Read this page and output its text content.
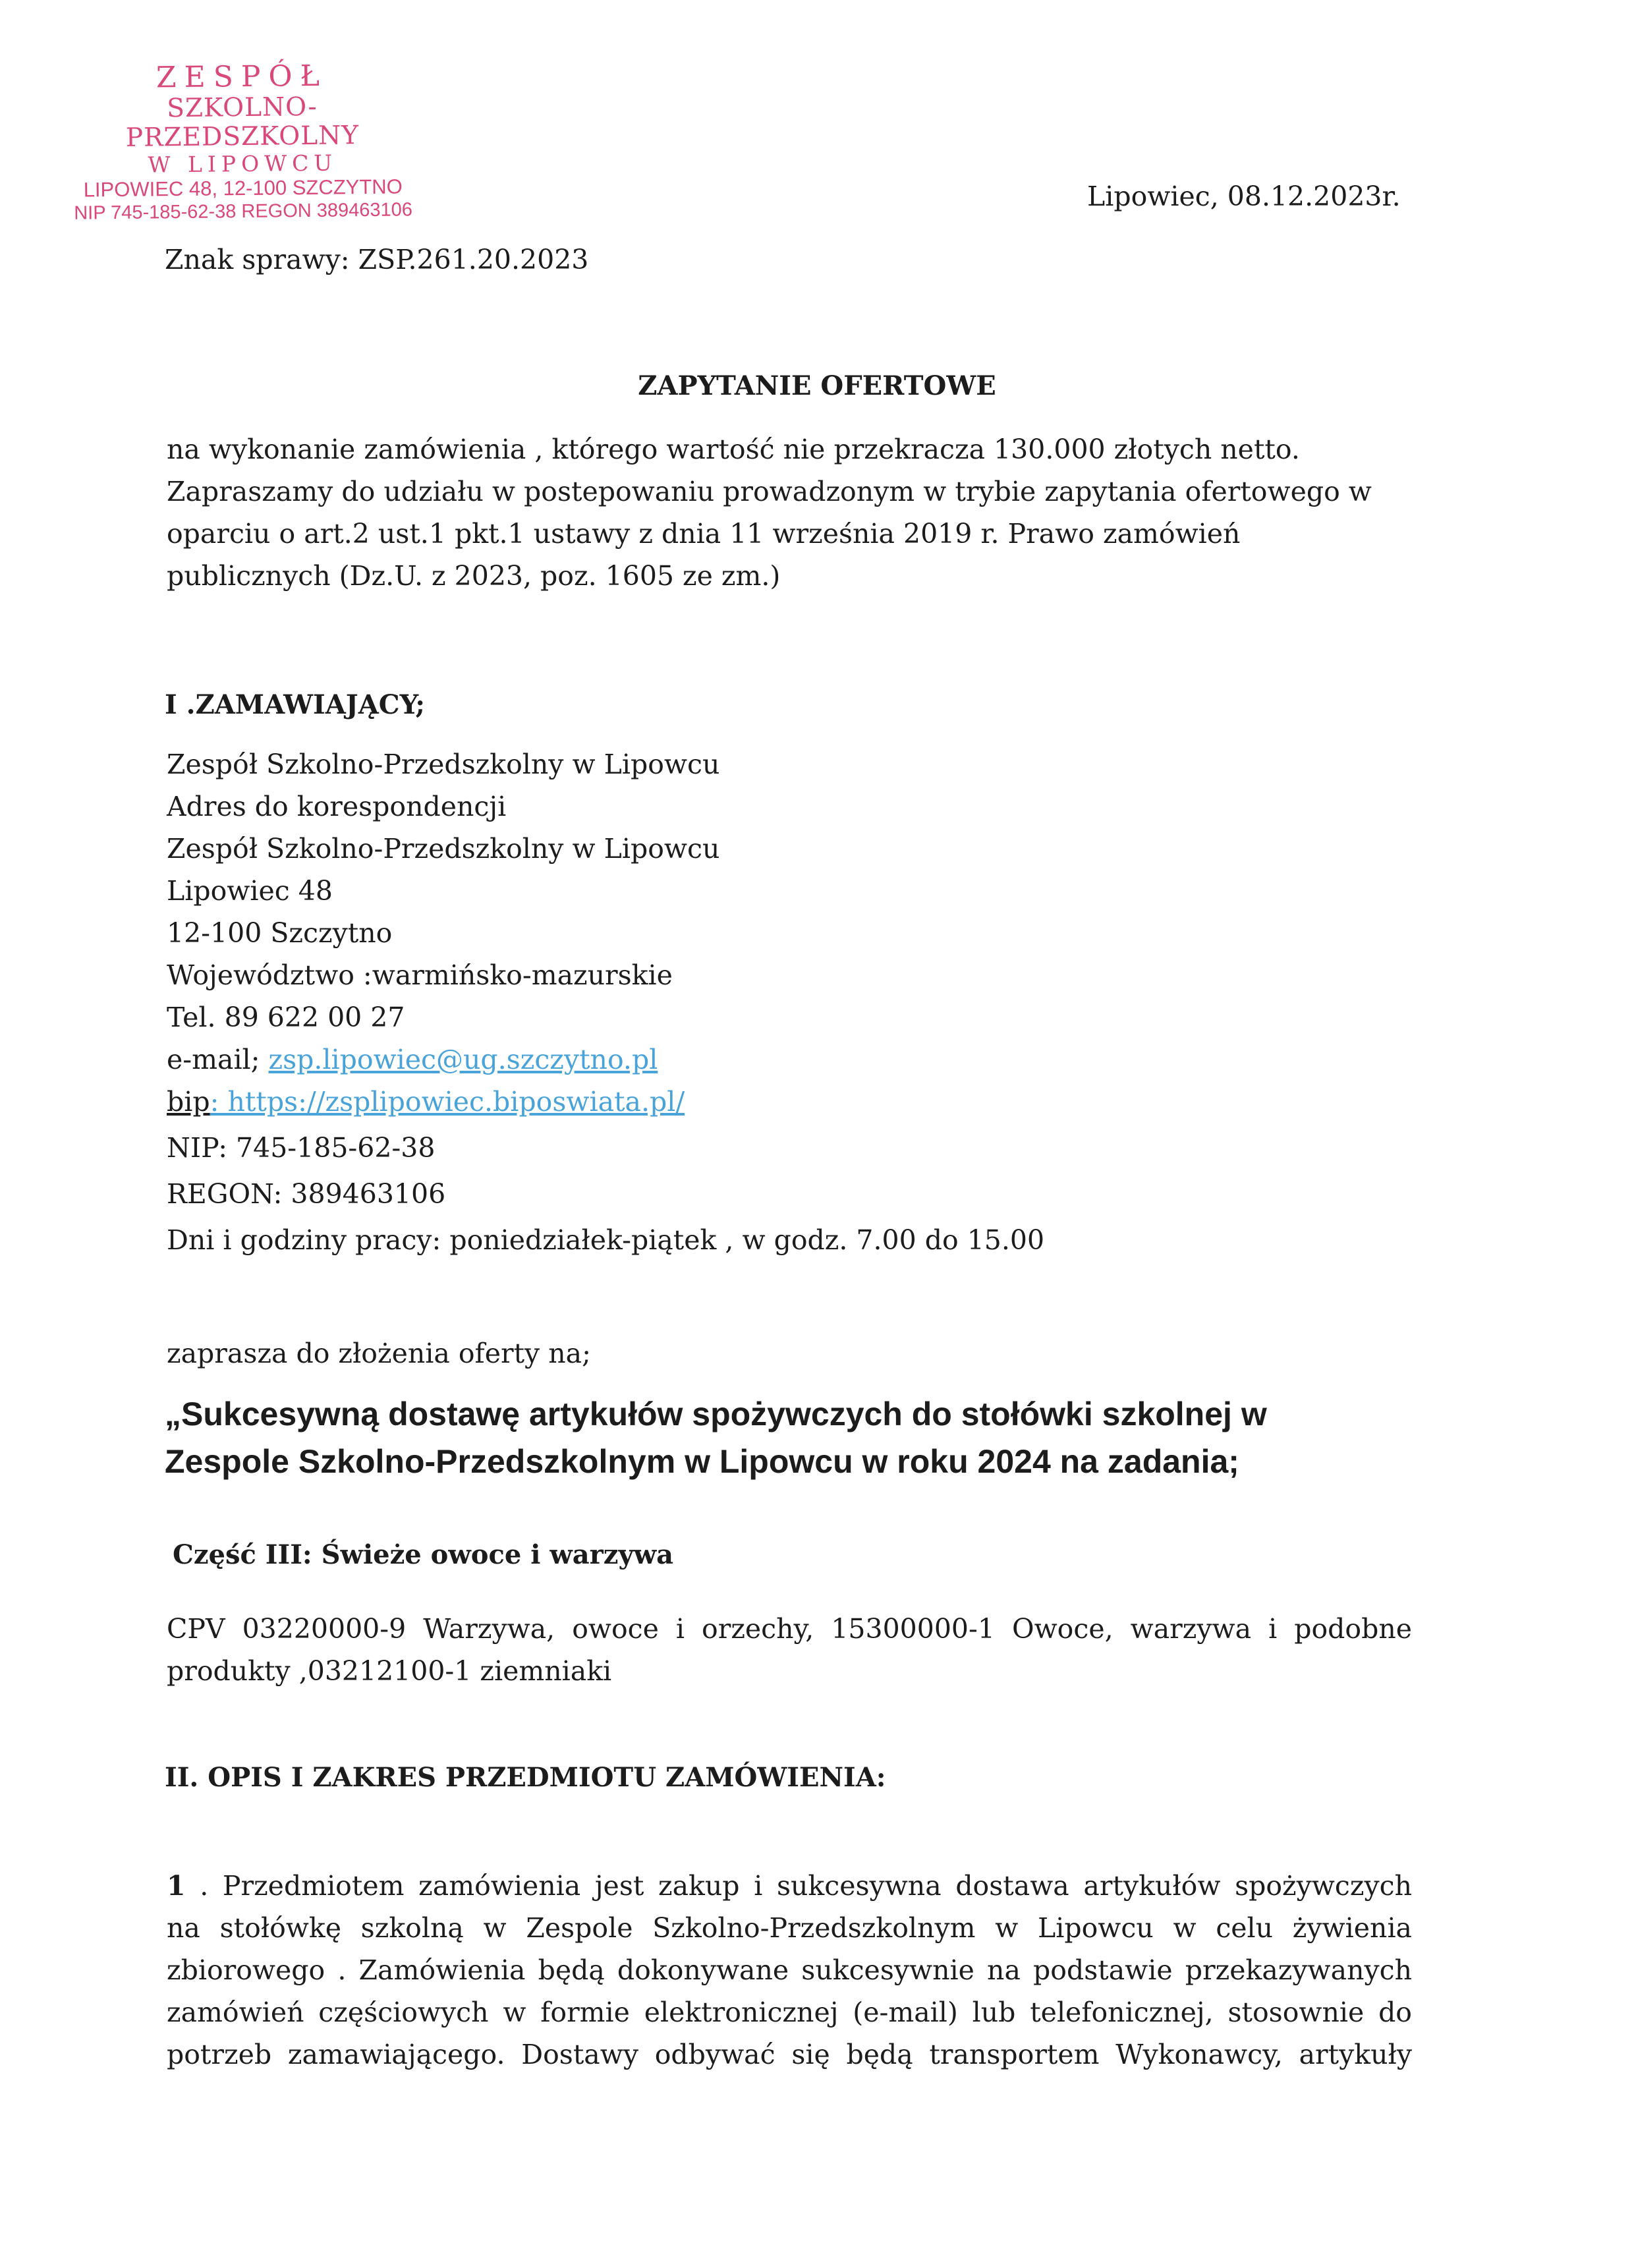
ZESPÓŁ
SZKOLNO-PRZEDSZKOLNY
W LIPOWCU
LIPOWIEC 48, 12-100 SZCZYTNO
NIP 745-185-62-38 REGON 389463106	Lipowiec, 08.12.2023r.
Znak sprawy: ZSP.261.20.2023
ZAPYTANIE OFERTOWE
na wykonanie zamówienia , którego wartość nie przekracza 130.000 złotych netto.
Zapraszamy do udziału w postepowaniu prowadzonym w trybie zapytania ofertowego w
oparciu o art.2 ust.1 pkt.1 ustawy z dnia 11 września 2019 r. Prawo zamówień
publicznych (Dz.U. z 2023, poz. 1605 ze zm.)
I .ZAMAWIAJĄCY;
Zespół Szkolno-Przedszkolny w Lipowcu
Adres do korespondencji
Zespół Szkolno-Przedszkolny w Lipowcu
Lipowiec 48
12-100 Szczytno
Województwo :warmińsko-mazurskie
Tel. 89 622 00 27
e-mail; zsp.lipowiec@ug.szczytno.pl
bip: https://zsplipowiec.biposwiata.pl/
NIP: 745-185-62-38
REGON: 389463106
Dni i godziny pracy: poniedziałek-piątek , w godz. 7.00 do 15.00
zaprasza do złożenia oferty na;
„Sukcesywną dostawę artykułów spożywczych do stołówki szkolnej w
Zespole Szkolno-Przedszkolnym w Lipowcu w roku 2024 na zadania;
Część III: Świeże owoce i warzywa
CPV 03220000-9 Warzywa, owoce i orzechy, 15300000-1 Owoce, warzywa i podobne
produkty ,03212100-1 ziemniaki
II. OPIS I ZAKRES PRZEDMIOTU ZAMÓWIENIA:
1 . Przedmiotem zamówienia jest zakup i sukcesywna dostawa artykułów spożywczych
na stołówkę szkolną w Zespole Szkolno-Przedszkolnym w Lipowcu w celu żywienia
zbiorowego . Zamówienia będą dokonywane sukcesywnie na podstawie przekazywanych
zamówień częściowych w formie elektronicznej (e-mail) lub telefonicznej, stosownie do
potrzeb zamawiającego. Dostawy odbywać się będą transportem Wykonawcy, artykuły
